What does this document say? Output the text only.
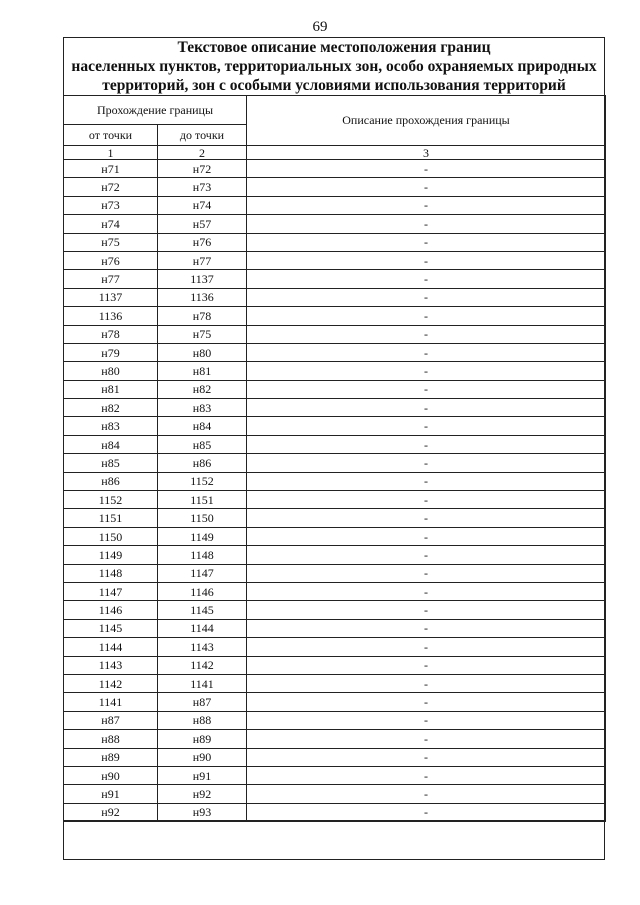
69
Текстовое описание местоположения границ
населенных пунктов, территориальных зон, особо охраняемых природных
территорий, зон с особыми условиями использования территорий
Прохождение границы		Описание прохождения границы
от точки	до точки	
1	2	3
н71	н72	-
н72	н73	-
н73	н74	-
н74	н57	-
н75	н76	-
н76	н77	-
н77	1137	-
1137	1136	-
1136	н78	-
н78	н75	-
н79	н80	-
н80	н81	-
н81	н82	-
н82	н83	-
н83	н84	-
н84	н85	-
н85	н86	-
н86	1152	-
1152	1151	-
1151	1150	-
1150	1149	-
1149	1148	-
1148	1147	-
1147	1146	-
1146	1145	-
1145	1144	-
1144	1143	-
1143	1142	-
1142	1141	-
1141	н87	-
н87	н88	-
н88	н89	-
н89	н90	-
н90	н91	-
н91	н92	-
н92	н93	-
